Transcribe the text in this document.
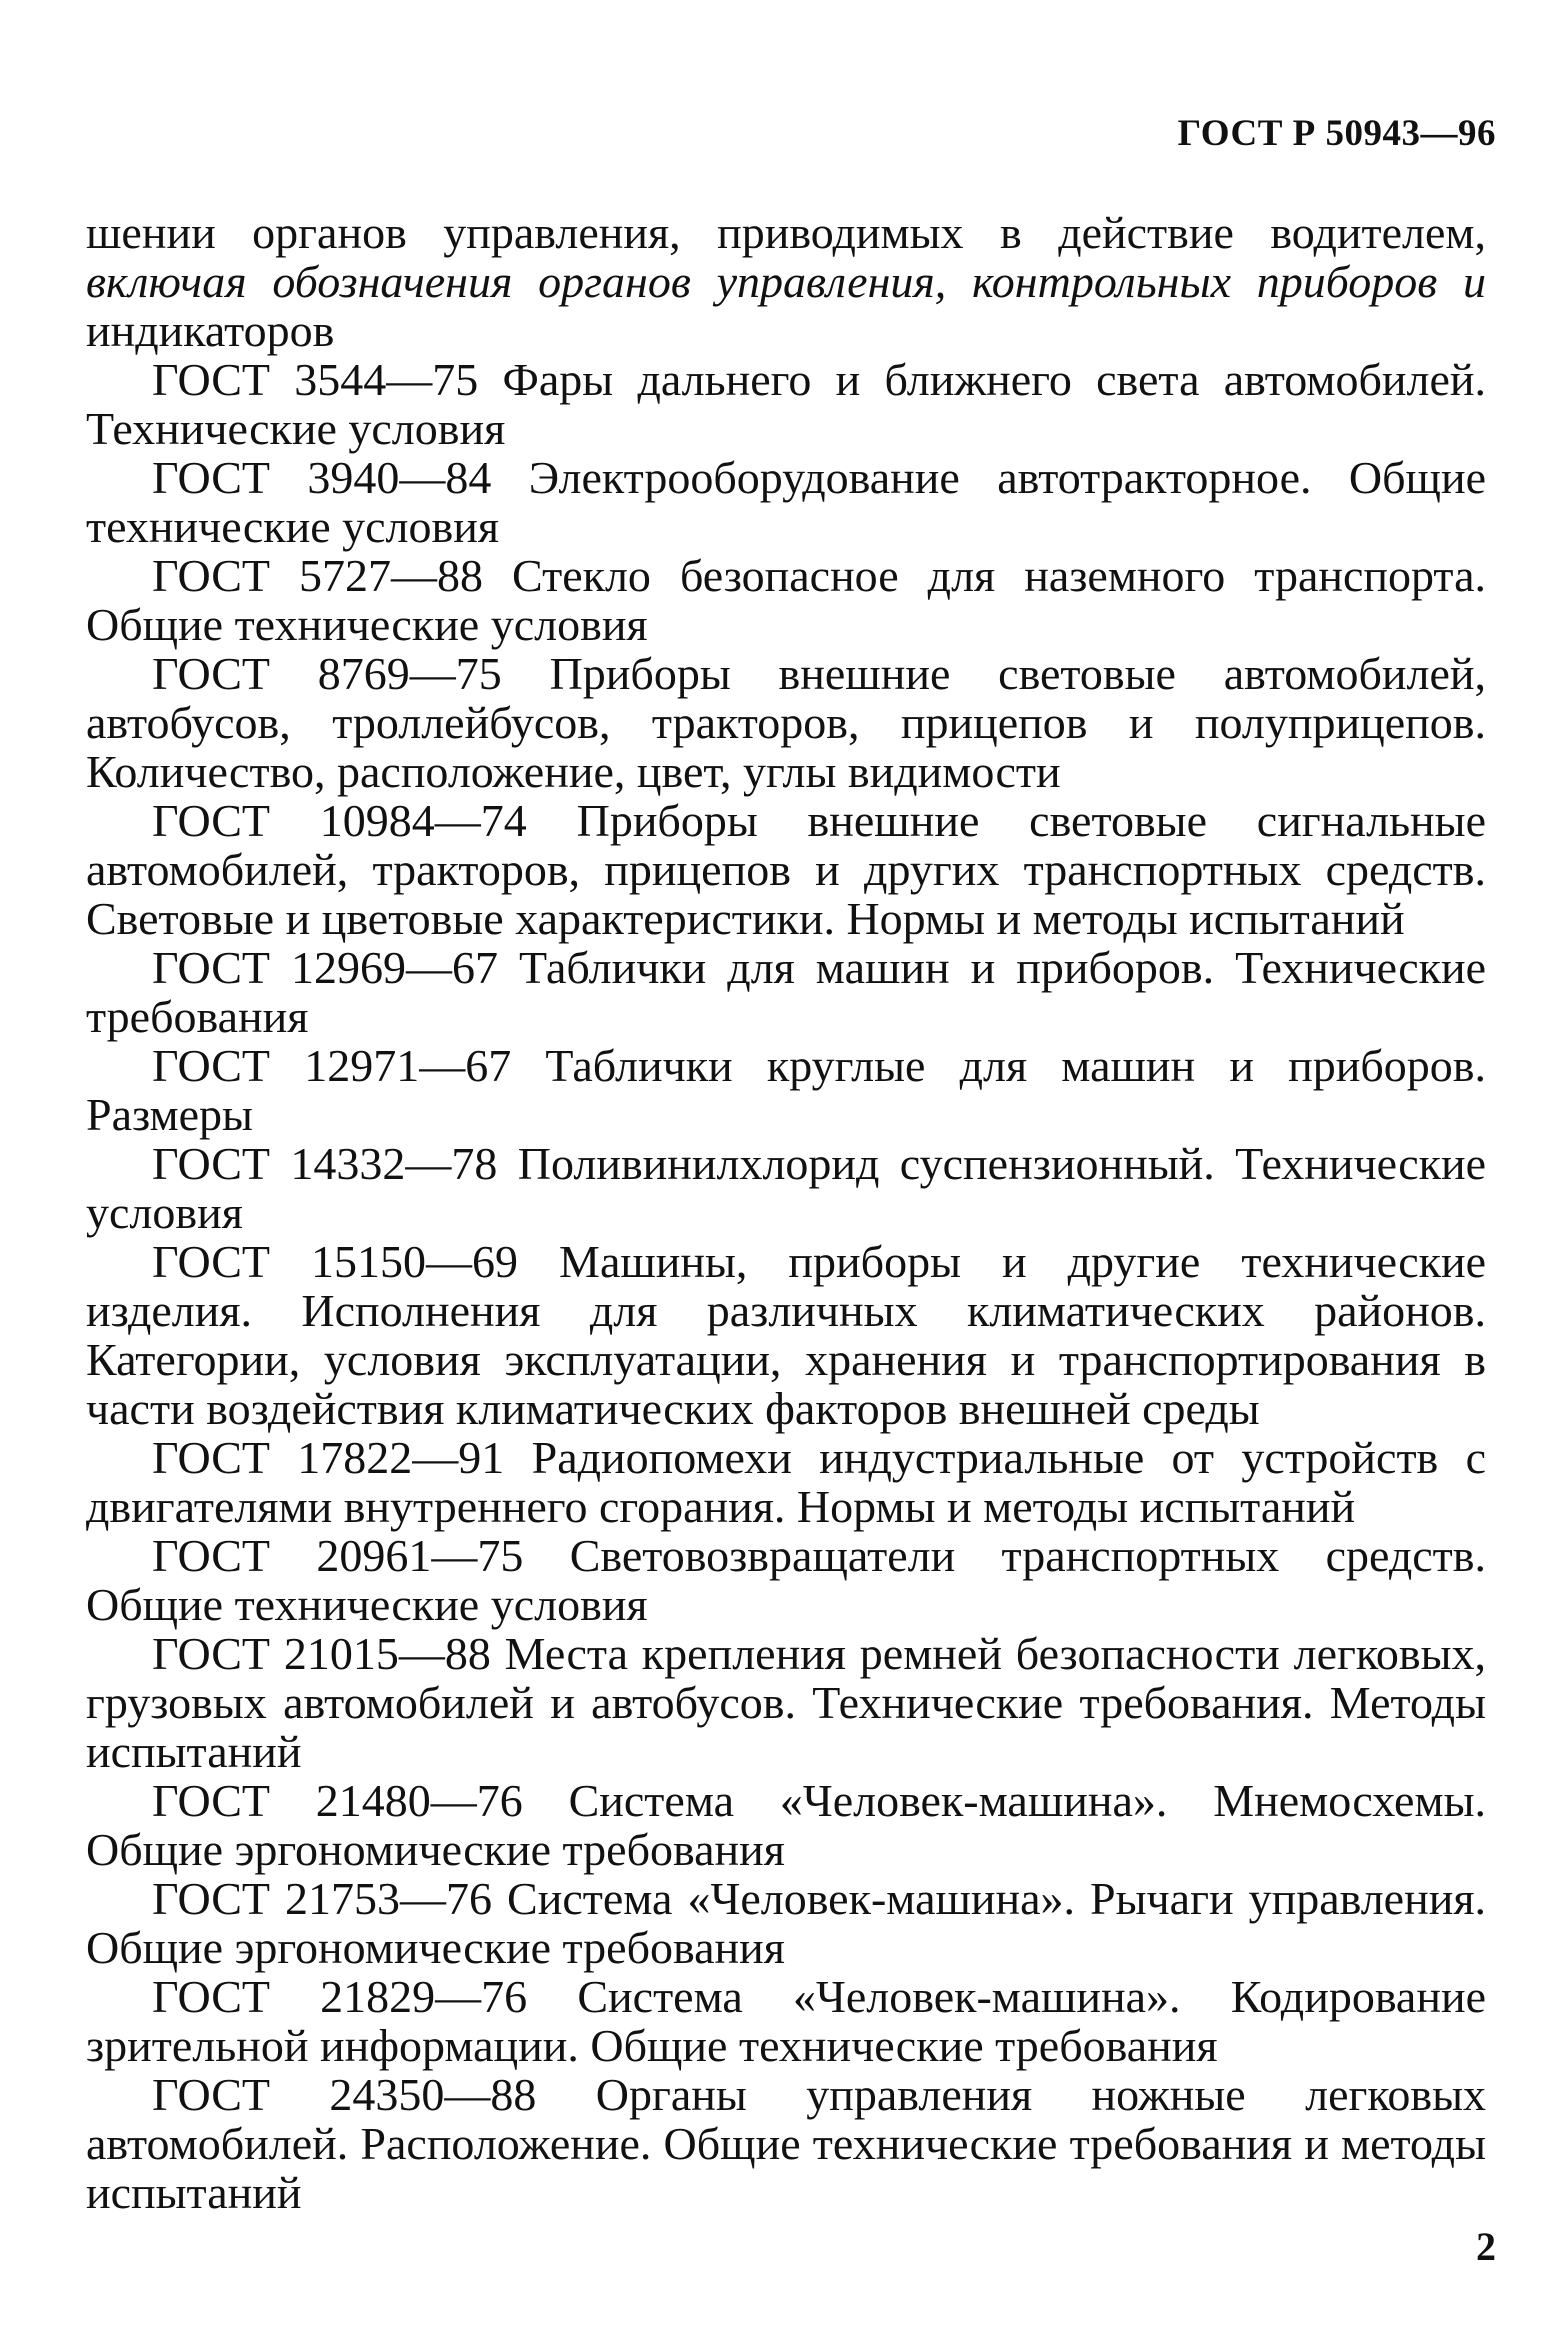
ГОСТ Р 50943—96

шении органов управления, приводимых в действие водителем, включая обозначения органов управления, контрольных приборов и индикаторов

ГОСТ 3544—75 Фары дальнего и ближнего света автомобилей. Технические условия

ГОСТ 3940—84 Электрооборудование автотракторное. Общие технические условия

ГОСТ 5727—88 Стекло безопасное для наземного транспорта. Общие технические условия

ГОСТ 8769—75 Приборы внешние световые автомобилей, автобусов, троллейбусов, тракторов, прицепов и полуприцепов. Количество, расположение, цвет, углы видимости

ГОСТ 10984—74 Приборы внешние световые сигнальные автомобилей, тракторов, прицепов и других транспортных средств. Световые и цветовые характеристики. Нормы и методы испытаний

ГОСТ 12969—67 Таблички для машин и приборов. Технические требования

ГОСТ 12971—67 Таблички круглые для машин и приборов. Размеры

ГОСТ 14332—78 Поливинилхлорид суспензионный. Технические условия

ГОСТ 15150—69 Машины, приборы и другие технические изделия. Исполнения для различных климатических районов. Категории, условия эксплуатации, хранения и транспортирования в части воздействия климатических факторов внешней среды

ГОСТ 17822—91 Радиопомехи индустриальные от устройств с двигателями внутреннего сгорания. Нормы и методы испытаний

ГОСТ 20961—75 Световозвращатели транспортных средств. Общие технические условия

ГОСТ 21015—88 Места крепления ремней безопасности легковых, грузовых автомобилей и автобусов. Технические требования. Методы испытаний

ГОСТ 21480—76 Система «Человек-машина». Мнемосхемы. Общие эргономические требования

ГОСТ 21753—76 Система «Человек-машина». Рычаги управления. Общие эргономические требования

ГОСТ 21829—76 Система «Человек-машина». Кодирование зрительной информации. Общие технические требования

ГОСТ 24350—88 Органы управления ножные легковых автомобилей. Расположение. Общие технические требования и методы испытаний

2
